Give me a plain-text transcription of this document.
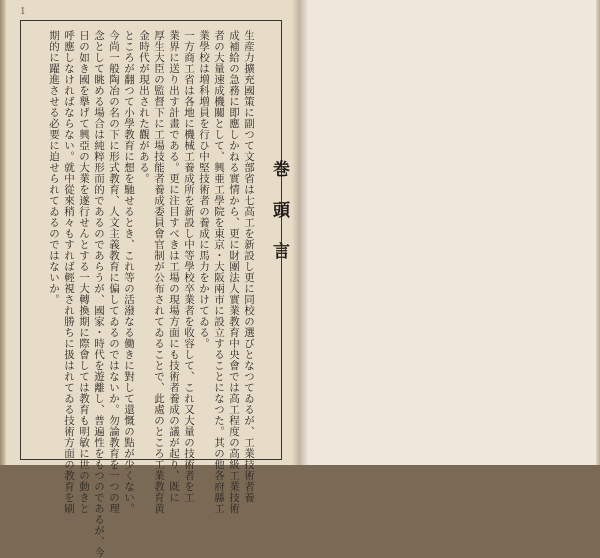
1
巻頭言
生産力擴充國策に副つて文部省は七高工を新設し更に同校の選びとなつてゐるが、工業技術者養
成補給の急務に即應しかねる實情から、更に財團法人實業教育中央會では高工程度の高級工業技術
者の大量速成機關として、興亜工學院を東京・大阪兩市に設立することになつた。其の他各府縣工
業學校は増科増員を行ひ中堅技術者の養成に馬力をかけてゐる。
一方商工省は各地に機械工養成所を新設し中等學校卒業者を收容して、これ又大量の技術者を工
業界に送り出す計畫である。更に注目すべきは工場の現場方面にも技術者養成の議が起り、既に
厚生大臣の監督下に工場技能者養成委員會官制が公布されてゐることで、此處のところ工業教育黄
金時代が現出された觀がある。
ところが翻つて小學教育に想を馳せるとき、これ等の活潑なる働きに對して還慨の點が少くない。
今尚一般陶冶の名の下に形式教育、人文主義教育に偏してゐるのではないか。勿論教育を一つの理
念として眺める場合は純粹形而的であるのであらうが、國家・時代を遊離し、普遍性をもつのであるが、今
日の如き國を擧げて興亞の大業を遂行せんとする一大轉換期に際會しては教育も明敏に世の動きと
呼應しなければならない。就中從來稍々もすれば輕視され勝ちに扱はれてゐる技術方面の教育を刷
期的に躍進させる必要に迫せられてゐるのではないか。
